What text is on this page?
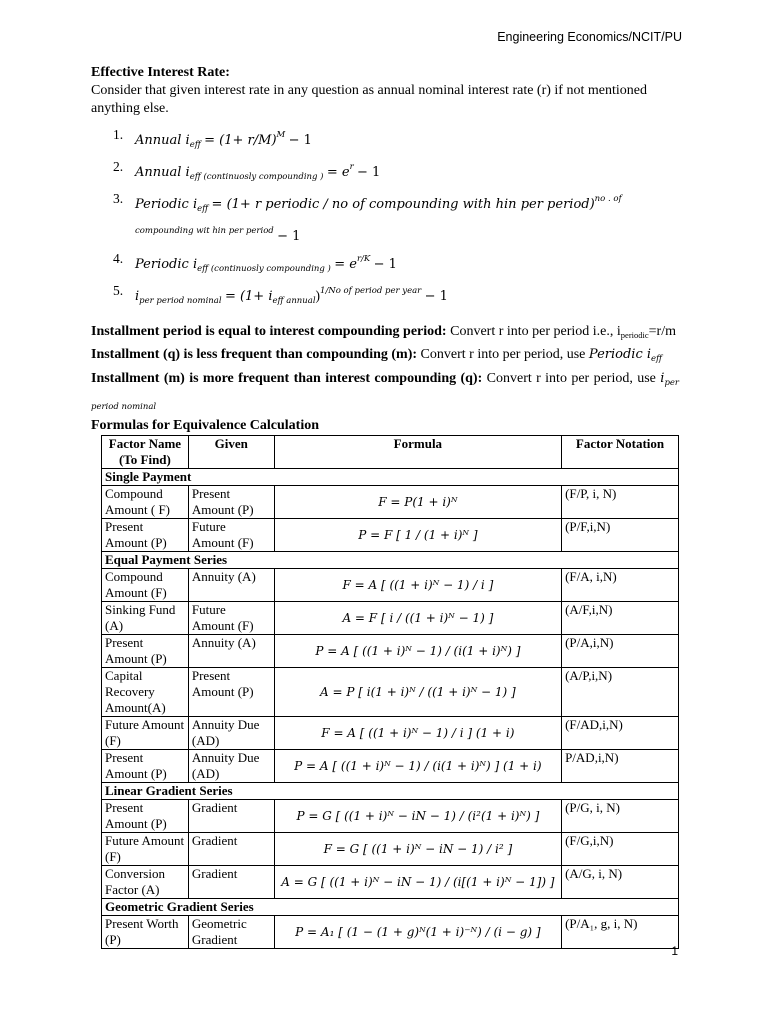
Engineering Economics/NCIT/PU

Effective Interest Rate:

Consider that given interest rate in any question as annual nominal interest rate (r) if not mentioned anything else.

1. Annual $i_{eff} = (1+ r/M)^M - 1$
2. Annual $i_{eff (continuosly compounding )} = e^r - 1$
3. Periodic $i_{eff} = (1+ r$ periodic / no of compounding with hin per period)$^{no . of compounding wit hin per period}$ − 1
4. Periodic $i_{eff (continuosly compounding )} = e^{r/K} - 1$
5. $i_{per period nominal} = (1+ i_{eff annual})^{1/No of period per year} - 1$

Installment period is equal to interest compounding period: Convert r into per period i.e., $i_{periodic}=r/m$

Installment (q) is less frequent than compounding (m): Convert r into per period, use Periodic $i_{eff}$

Installment (m) is more frequent than interest compounding (q): Convert r into per period, use $i_{per period nominal}$

Formulas for Equivalence Calculation

Factor Name (To Find)	Given	Formula	Factor Notation
Single Payment			
Compound Amount ( F)	Present Amount (P)	F = P(1 + i)ᴺ	(F/P, i, N)
Present Amount (P)	Future Amount (F)	P = F [ 1 / (1 + i)ᴺ ]	(P/F,i,N)
Equal Payment Series			
Compound Amount (F)	Annuity (A)	F = A [ ((1 + i)ᴺ − 1) / i ]	(F/A, i,N)
Sinking Fund (A)	Future Amount (F)	A = F [ i / ((1 + i)ᴺ − 1) ]	(A/F,i,N)
Present Amount (P)	Annuity (A)	P = A [ ((1 + i)ᴺ − 1) / (i(1 + i)ᴺ) ]	(P/A,i,N)
Capital Recovery Amount(A)	Present Amount (P)	A = P [ i(1 + i)ᴺ / ((1 + i)ᴺ − 1) ]	(A/P,i,N)
Future Amount (F)	Annuity Due (AD)	F = A [ ((1 + i)ᴺ − 1) / i ] (1 + i)	(F/AD,i,N)
Present Amount (P)	Annuity Due (AD)	P = A [ ((1 + i)ᴺ − 1) / (i(1 + i)ᴺ) ] (1 + i)	P/AD,i,N)
Linear Gradient Series			
Present Amount (P)	Gradient	P = G [ ((1 + i)ᴺ − iN − 1) / (i²(1 + i)ᴺ) ]	(P/G, i, N)
Future Amount (F)	Gradient	F = G [ ((1 + i)ᴺ − iN − 1) / i² ]	(F/G,i,N)
Conversion Factor (A)	Gradient	A = G [ ((1 + i)ᴺ − iN − 1) / (i[(1 + i)ᴺ − 1]) ]	(A/G, i, N)
Geometric Gradient Series			
Present Worth (P)	Geometric Gradient	P = A₁ [ (1 − (1 + g)ᴺ(1 + i)⁻ᴺ) / (i − g) ]	(P/A₁, g, i, N)
1
